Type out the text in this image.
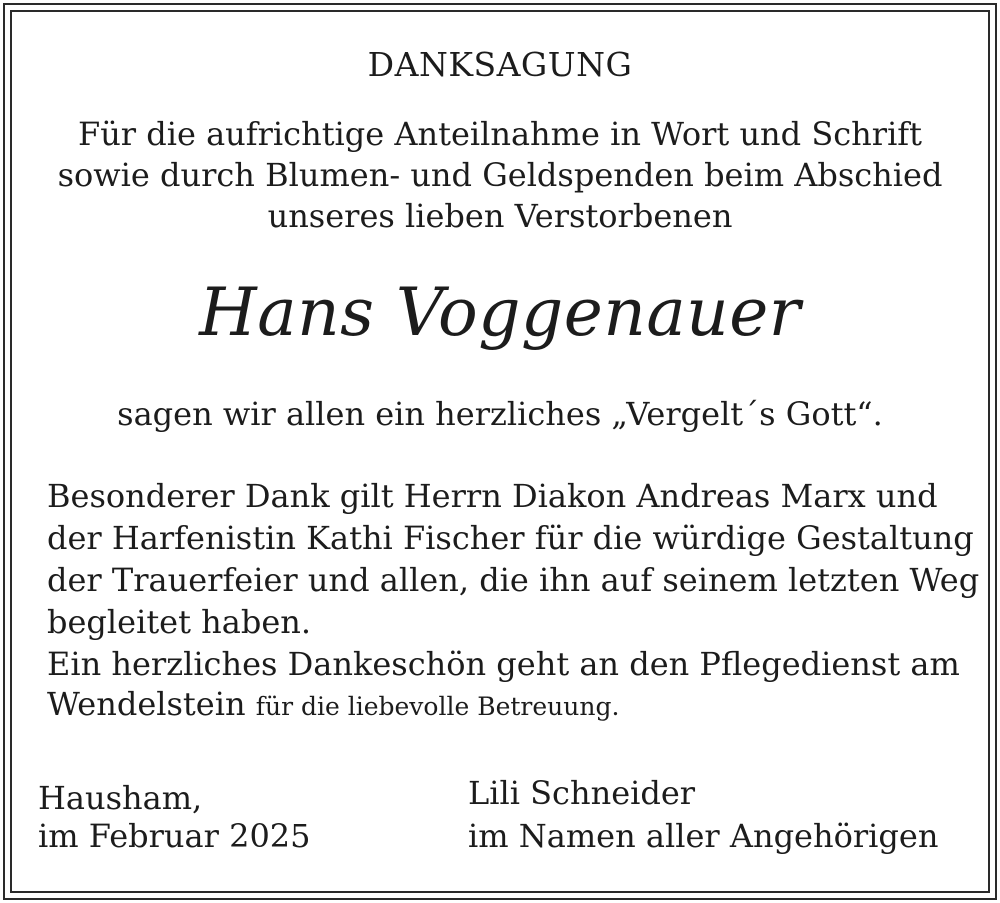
DANKSAGUNG
Für die aufrichtige Anteilnahme in Wort und Schrift
sowie durch Blumen- und Geldspenden beim Abschied
unseres lieben Verstorbenen
Hans Voggenauer
sagen wir allen ein herzliches „Vergelt´s Gott“.
Besonderer Dank gilt Herrn Diakon Andreas Marx und
der Harfenistin Kathi Fischer für die würdige Gestaltung
der Trauerfeier und allen, die ihn auf seinem letzten Weg
begleitet haben.
Ein herzliches Dankeschön geht an den Pflegedienst am
Wendelstein für die liebevolle Betreuung.
Hausham,
im Februar 2025
Lili Schneider
im Namen aller Angehörigen
